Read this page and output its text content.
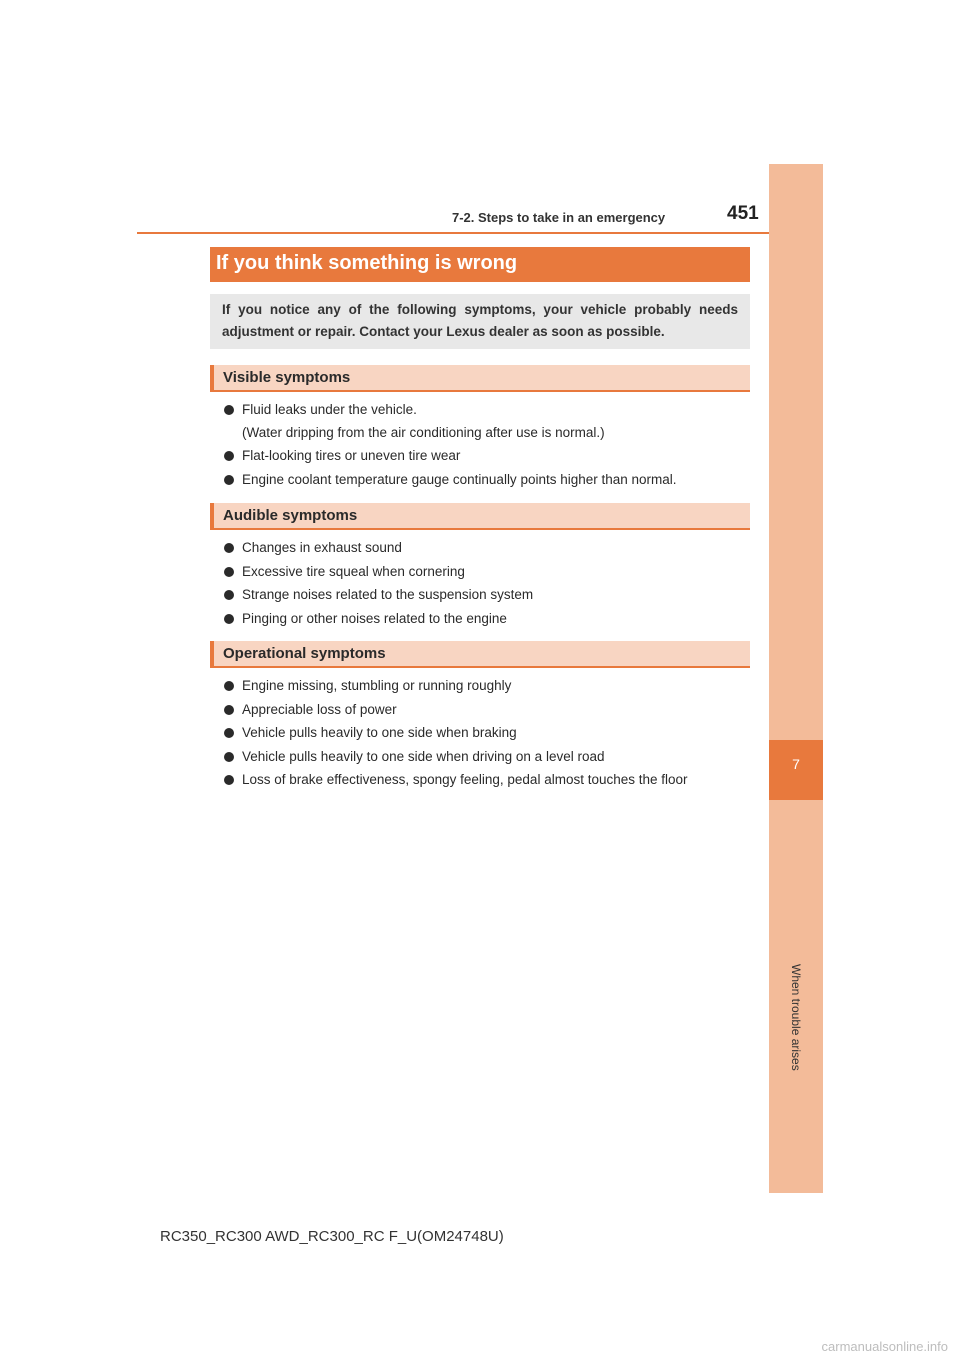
7-2. Steps to take in an emergency	451
7
When trouble arises
If you think something is wrong
If you notice any of the following symptoms, your vehicle probably needs adjustment or repair. Contact your Lexus dealer as soon as possible.
Visible symptoms
Fluid leaks under the vehicle.
(Water dripping from the air conditioning after use is normal.)
Flat-looking tires or uneven tire wear
Engine coolant temperature gauge continually points higher than normal.
Audible symptoms
Changes in exhaust sound
Excessive tire squeal when cornering
Strange noises related to the suspension system
Pinging or other noises related to the engine
Operational symptoms
Engine missing, stumbling or running roughly
Appreciable loss of power
Vehicle pulls heavily to one side when braking
Vehicle pulls heavily to one side when driving on a level road
Loss of brake effectiveness, spongy feeling, pedal almost touches the floor
RC350_RC300 AWD_RC300_RC F_U(OM24748U)
carmanualsonline.info
